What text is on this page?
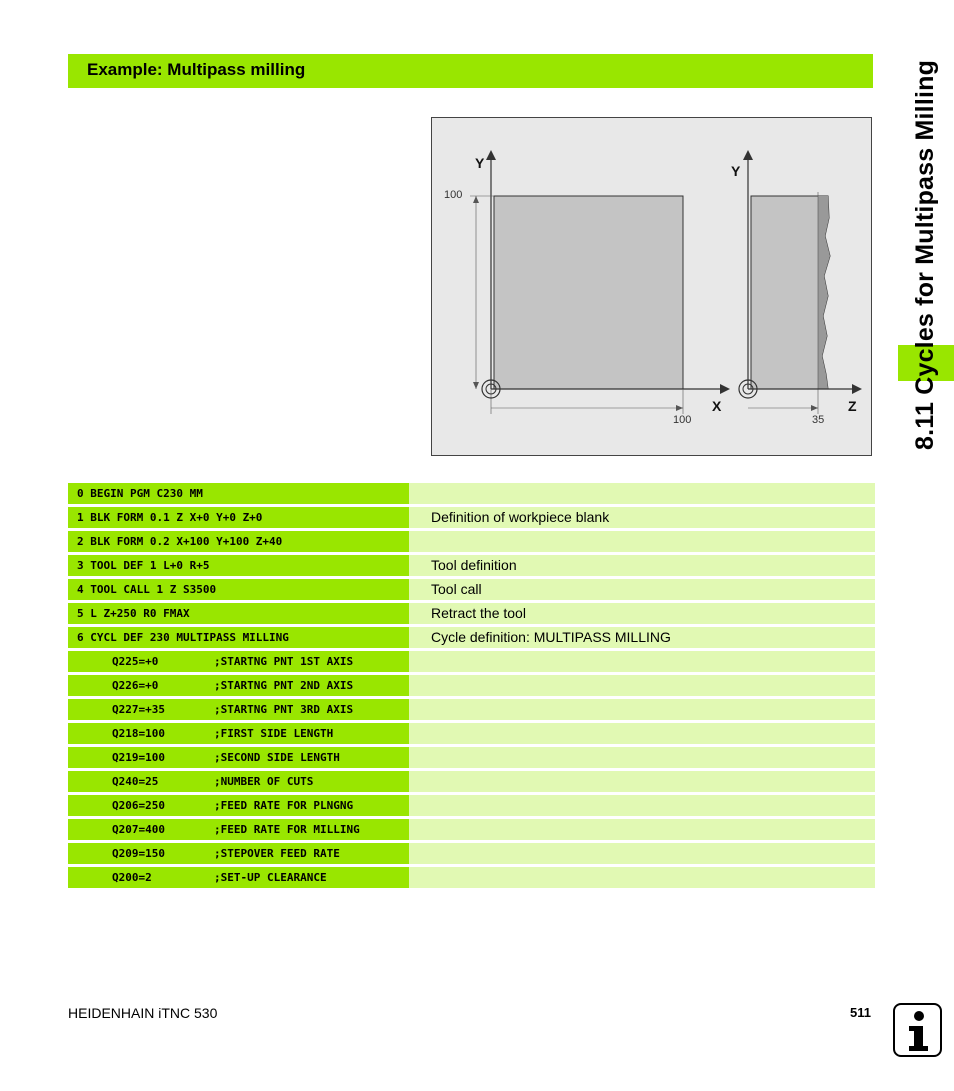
Example: Multipass milling
Y
X
100
100
Y
Z
35	8.11 Cycles for Multipass Milling
0 BEGIN PGM C230 MM
1 BLK FORM 0.1 Z X+0 Y+0 Z+0	Definition of workpiece blank
2 BLK FORM 0.2 X+100 Y+100 Z+40
3 TOOL DEF 1 L+0 R+5	Tool definition
4 TOOL CALL 1 Z S3500	Tool call
5 L Z+250 R0 FMAX	Retract the tool
6 CYCL DEF 230 MULTIPASS MILLING	Cycle definition: MULTIPASS MILLING
Q225=+0	;STARTNG PNT 1ST AXIS
Q226=+0	;STARTNG PNT 2ND AXIS
Q227=+35	;STARTNG PNT 3RD AXIS
Q218=100	;FIRST SIDE LENGTH
Q219=100	;SECOND SIDE LENGTH
Q240=25	;NUMBER OF CUTS
Q206=250	;FEED RATE FOR PLNGNG
Q207=400	;FEED RATE FOR MILLING
Q209=150	;STEPOVER FEED RATE
Q200=2	;SET-UP CLEARANCE
HEIDENHAIN iTNC 530	511
